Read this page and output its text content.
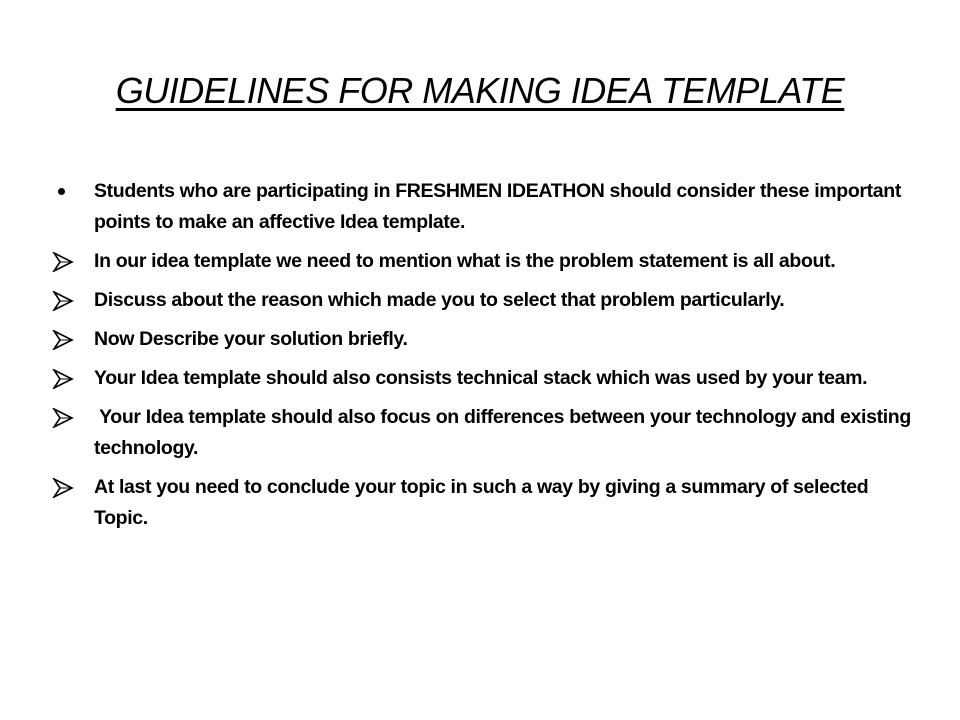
GUIDELINES FOR MAKING IDEA TEMPLATE
Students who are participating in FRESHMEN IDEATHON should consider these important points to make an affective Idea template.
In our idea template we need to mention what is the problem statement is all about.
Discuss about the reason which made you to select that problem particularly.
Now Describe your solution briefly.
Your Idea template should also consists technical stack which was used by your team.
Your Idea template should also focus on differences between your technology and existing technology.
At last you need to conclude your topic in such a way by giving a summary of selected Topic.
